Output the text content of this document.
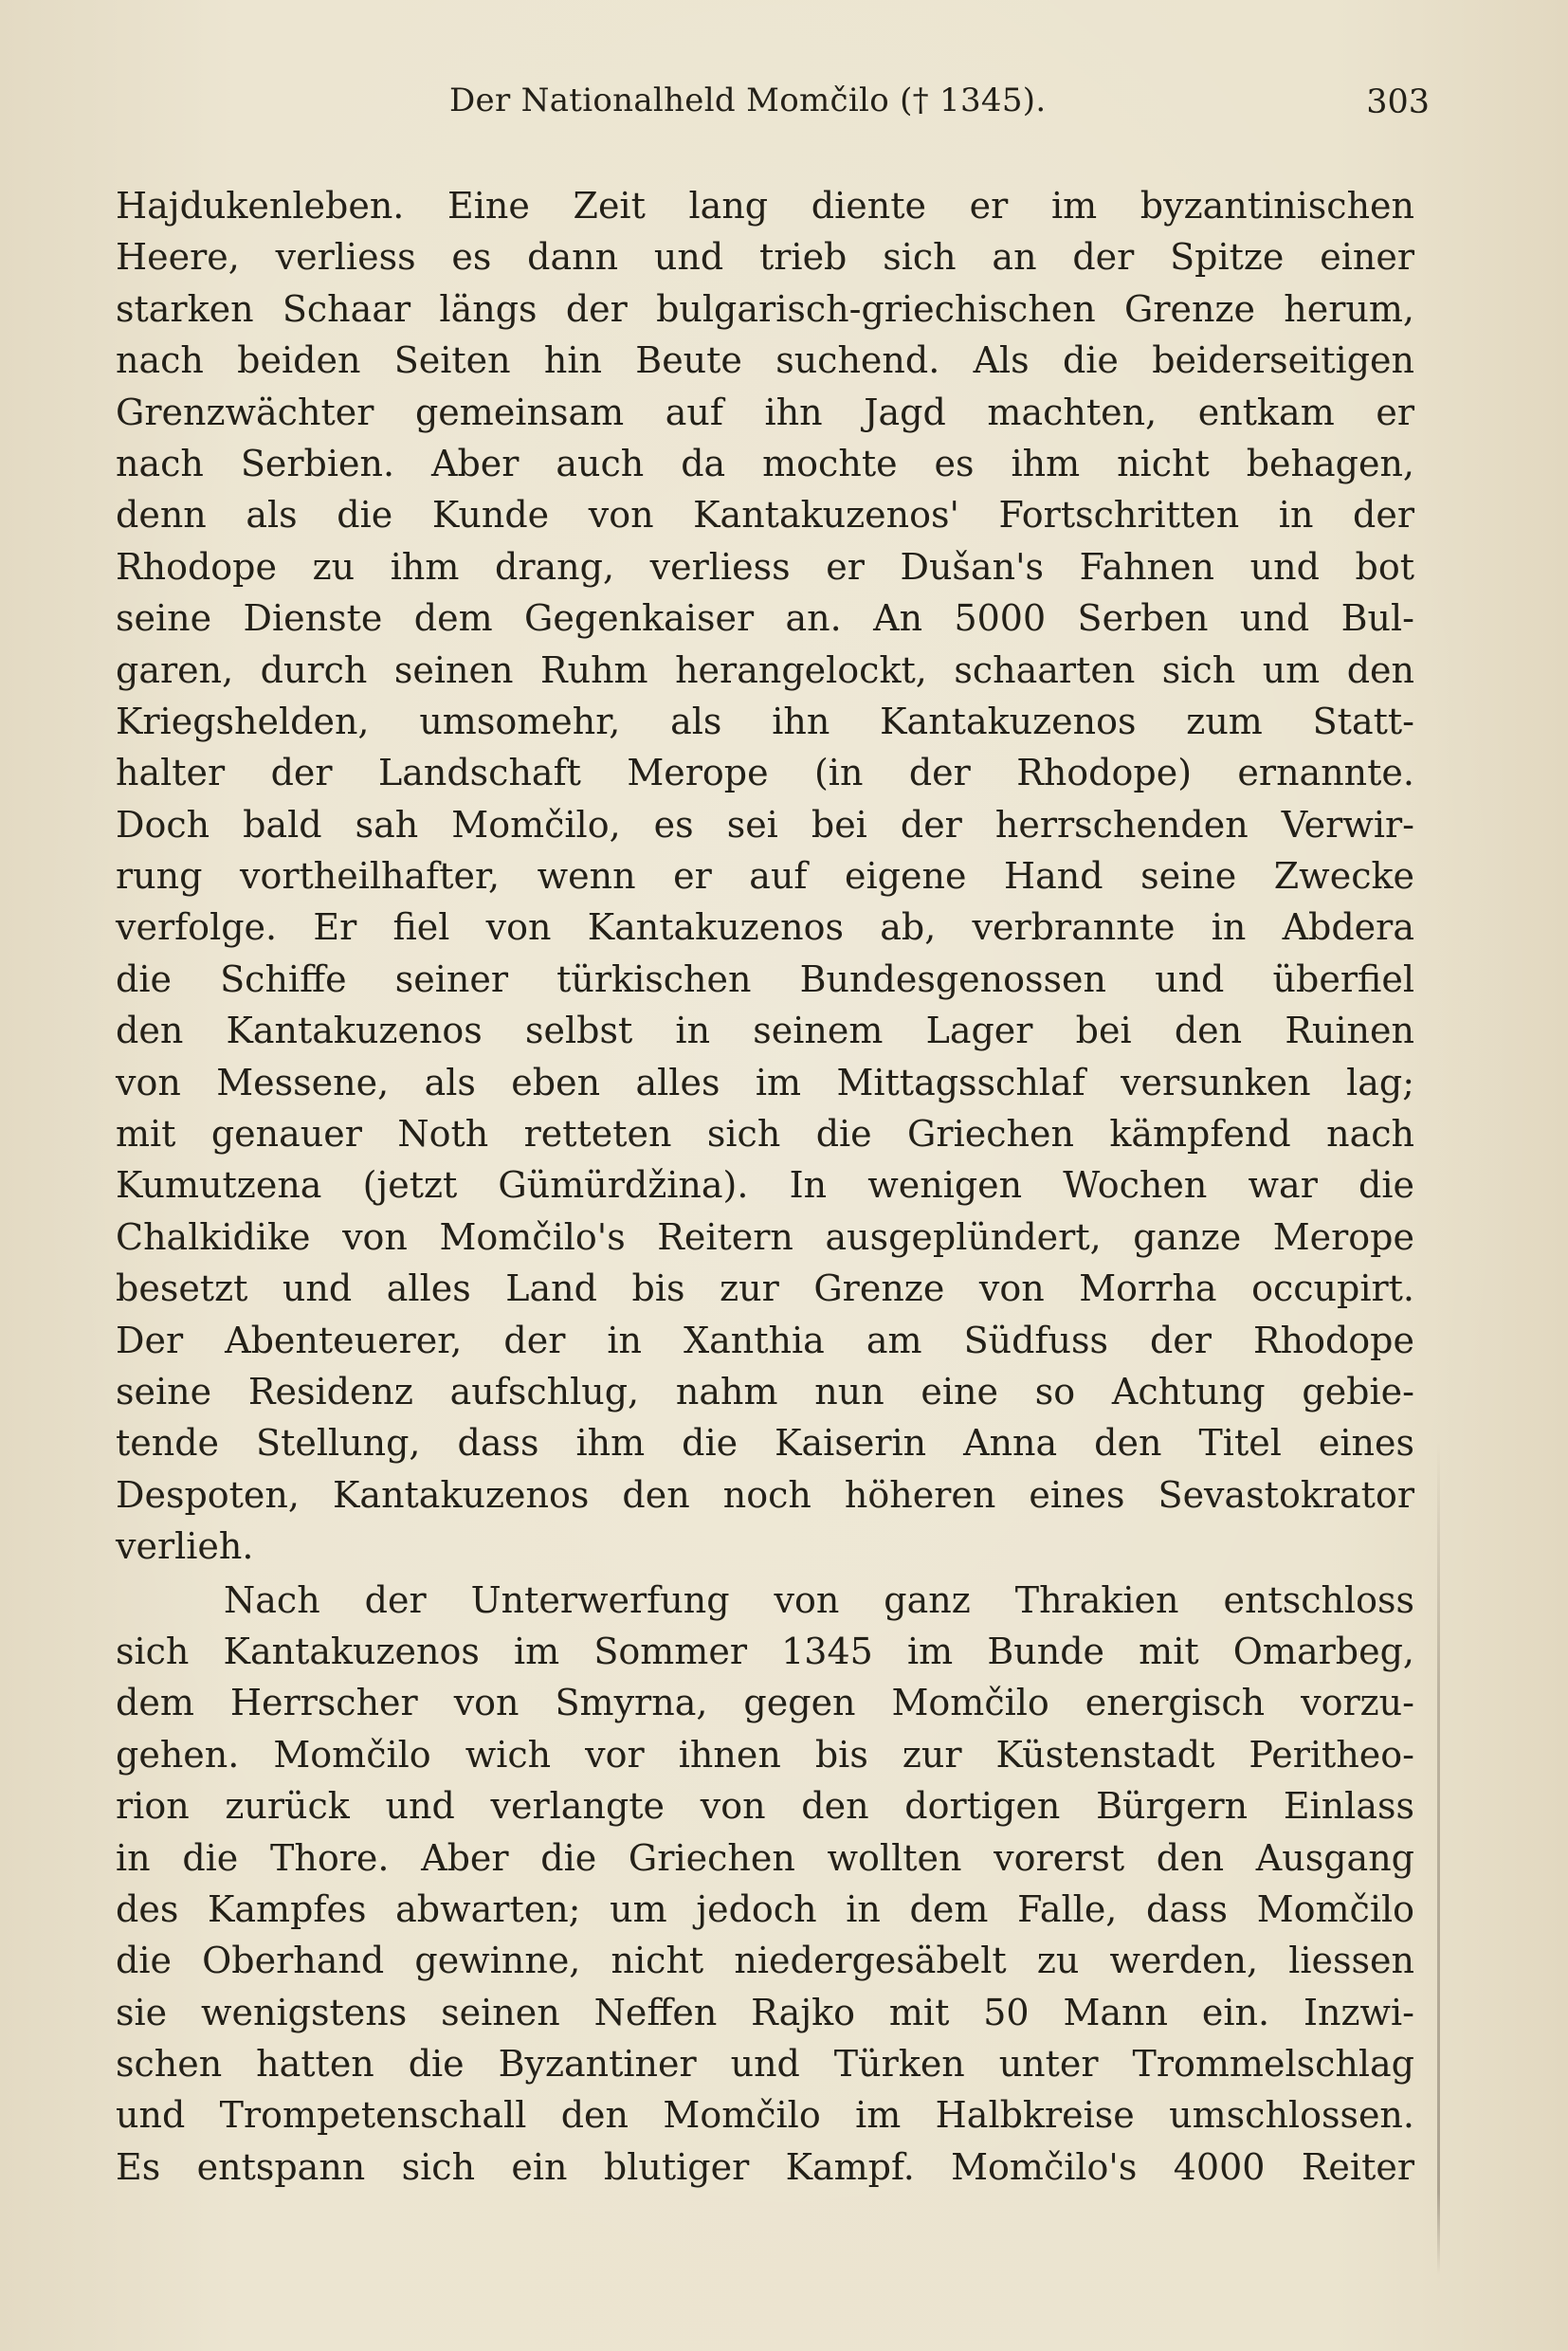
Der Nationalheld Momčilo († 1345).	303
Hajdukenleben. Eine Zeit lang diente er im byzantinischen
Heere, verliess es dann und trieb sich an der Spitze einer
starken Schaar längs der bulgarisch-griechischen Grenze herum,
nach beiden Seiten hin Beute suchend. Als die beiderseitigen
Grenzwächter gemeinsam auf ihn Jagd machten, entkam er
nach Serbien. Aber auch da mochte es ihm nicht behagen,
denn als die Kunde von Kantakuzenos' Fortschritten in der
Rhodope zu ihm drang, verliess er Dušan's Fahnen und bot
seine Dienste dem Gegenkaiser an. An 5000 Serben und Bul-
garen, durch seinen Ruhm herangelockt, schaarten sich um den
Kriegshelden, umsomehr, als ihn Kantakuzenos zum Statt-
halter der Landschaft Merope (in der Rhodope) ernannte.
Doch bald sah Momčilo, es sei bei der herrschenden Verwir-
rung vortheilhafter, wenn er auf eigene Hand seine Zwecke
verfolge. Er fiel von Kantakuzenos ab, verbrannte in Abdera
die Schiffe seiner türkischen Bundesgenossen und überfiel
den Kantakuzenos selbst in seinem Lager bei den Ruinen
von Messene, als eben alles im Mittagsschlaf versunken lag;
mit genauer Noth retteten sich die Griechen kämpfend nach
Kumutzena (jetzt Gümürdžina). In wenigen Wochen war die
Chalkidike von Momčilo's Reitern ausgeplündert, ganze Merope
besetzt und alles Land bis zur Grenze von Morrha occupirt.
Der Abenteuerer, der in Xanthia am Südfuss der Rhodope
seine Residenz aufschlug, nahm nun eine so Achtung gebie-
tende Stellung, dass ihm die Kaiserin Anna den Titel eines
Despoten, Kantakuzenos den noch höheren eines Sevastokrator
verlieh.
Nach der Unterwerfung von ganz Thrakien entschloss
sich Kantakuzenos im Sommer 1345 im Bunde mit Omarbeg,
dem Herrscher von Smyrna, gegen Momčilo energisch vorzu-
gehen. Momčilo wich vor ihnen bis zur Küstenstadt Peritheo-
rion zurück und verlangte von den dortigen Bürgern Einlass
in die Thore. Aber die Griechen wollten vorerst den Ausgang
des Kampfes abwarten; um jedoch in dem Falle, dass Momčilo
die Oberhand gewinne, nicht niedergesäbelt zu werden, liessen
sie wenigstens seinen Neffen Rajko mit 50 Mann ein. Inzwi-
schen hatten die Byzantiner und Türken unter Trommelschlag
und Trompetenschall den Momčilo im Halbkreise umschlossen.
Es entspann sich ein blutiger Kampf. Momčilo's 4000 Reiter
